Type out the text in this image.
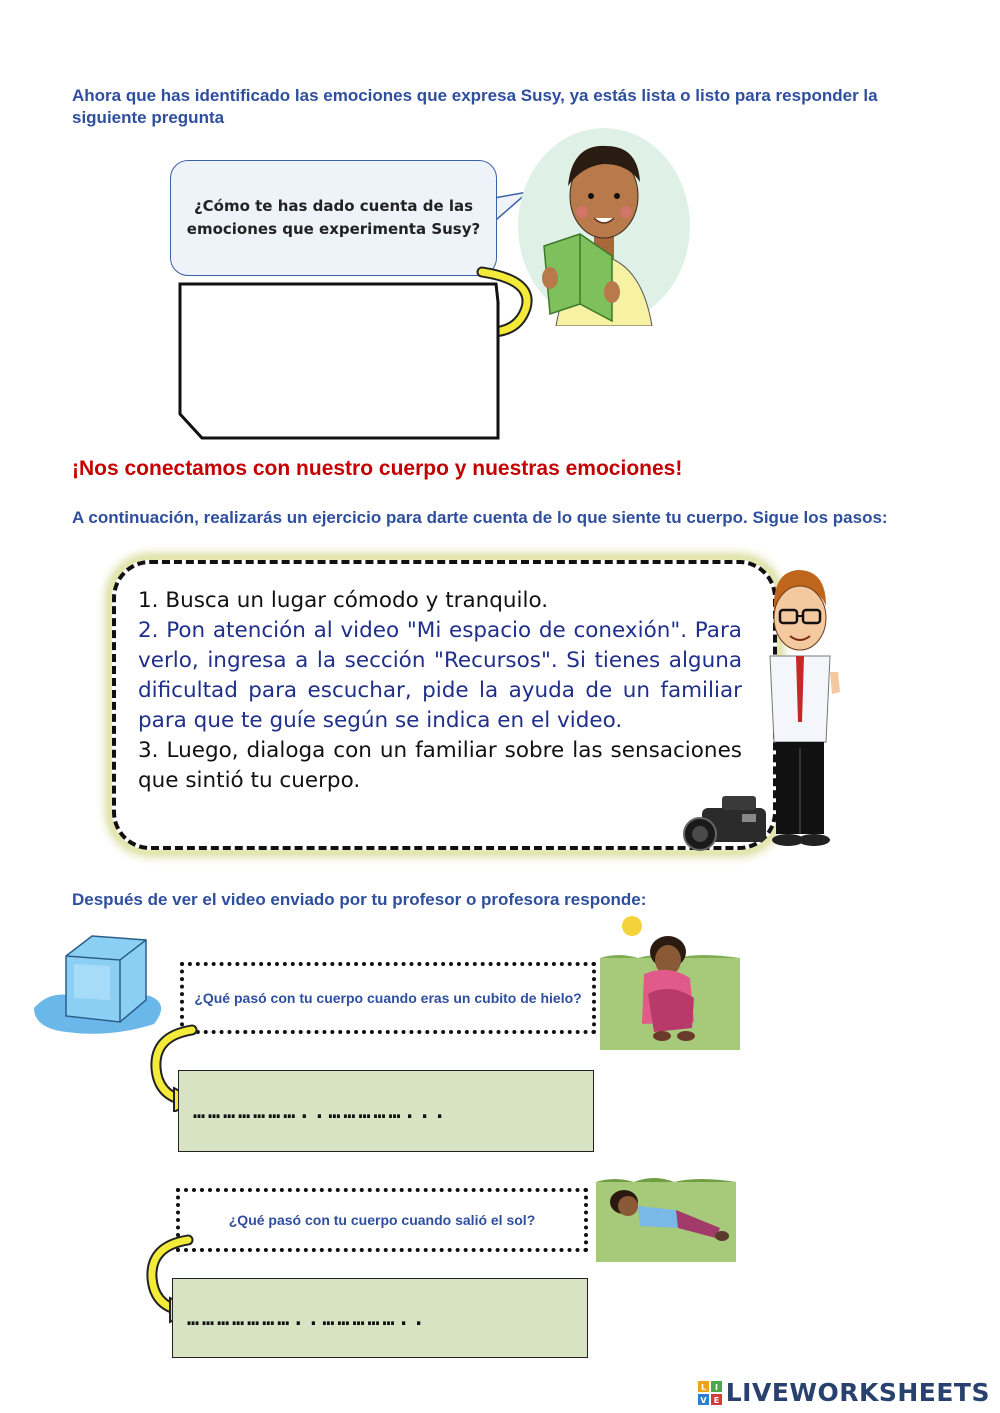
Ahora que has identificado las emociones que expresa Susy, ya estás lista o listo para responder la siguiente pregunta
¿Cómo te has dado cuenta de las emociones que experimenta Susy?
¡Nos conectamos con nuestro cuerpo y nuestras emociones!
A continuación, realizarás un ejercicio para darte cuenta de lo que siente tu cuerpo. Sigue los pasos:

1. Busca un lugar cómodo y tranquilo.

2. Pon atención al video "Mi espacio de conexión". Para verlo, ingresa a la sección "Recursos". Si tienes alguna dificultad para escuchar, pide la ayuda de un familiar para que te guíe según se indica en el video.

3. Luego, dialoga con un familiar sobre las sensaciones que sintió tu cuerpo.

Después de ver el video enviado por tu profesor o profesora responde:
¿Qué pasó con tu cuerpo cuando eras un cubito de hielo?
…………………..……………...
¿Qué pasó con tu cuerpo cuando salió el sol?
…………………..……………..
L I
V E LIVEWORKSHEETS
